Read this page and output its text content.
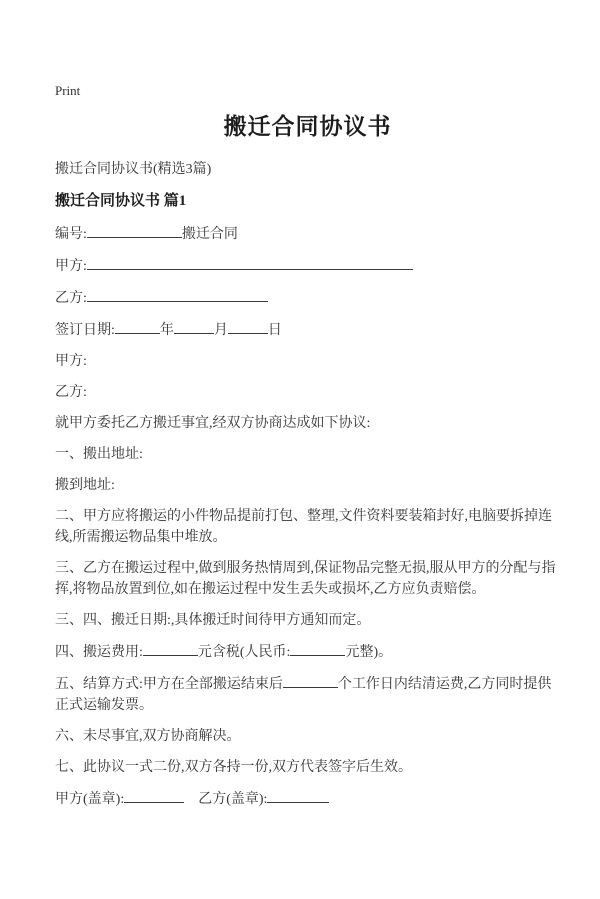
Print
搬迁合同协议书
搬迁合同协议书(精选3篇)
搬迁合同协议书 篇1

编号:	搬迁合同

甲方:

乙方:

签订日期:	年	月	日

甲方:

乙方:

就甲方委托乙方搬迁事宜,经双方协商达成如下协议:

一、搬出地址:

搬到地址:

二、甲方应将搬运的小件物品提前打包、整理,文件资料要装箱封好,电脑要拆掉连线,所需搬运物品集中堆放。

三、乙方在搬运过程中,做到服务热情周到,保证物品完整无损,服从甲方的分配与指挥,将物品放置到位,如在搬运过程中发生丢失或损坏,乙方应负责赔偿。

三、四、搬迁日期:,具体搬迁时间待甲方通知而定。

四、搬运费用:	元含税(人民币:	元整)。

五、结算方式:甲方在全部搬运结束后	个工作日内结清运费,乙方同时提供正式运输发票。

六、未尽事宜,双方协商解决。

七、此协议一式二份,双方各持一份,双方代表签字后生效。

甲方(盖章):	　乙方(盖章):
